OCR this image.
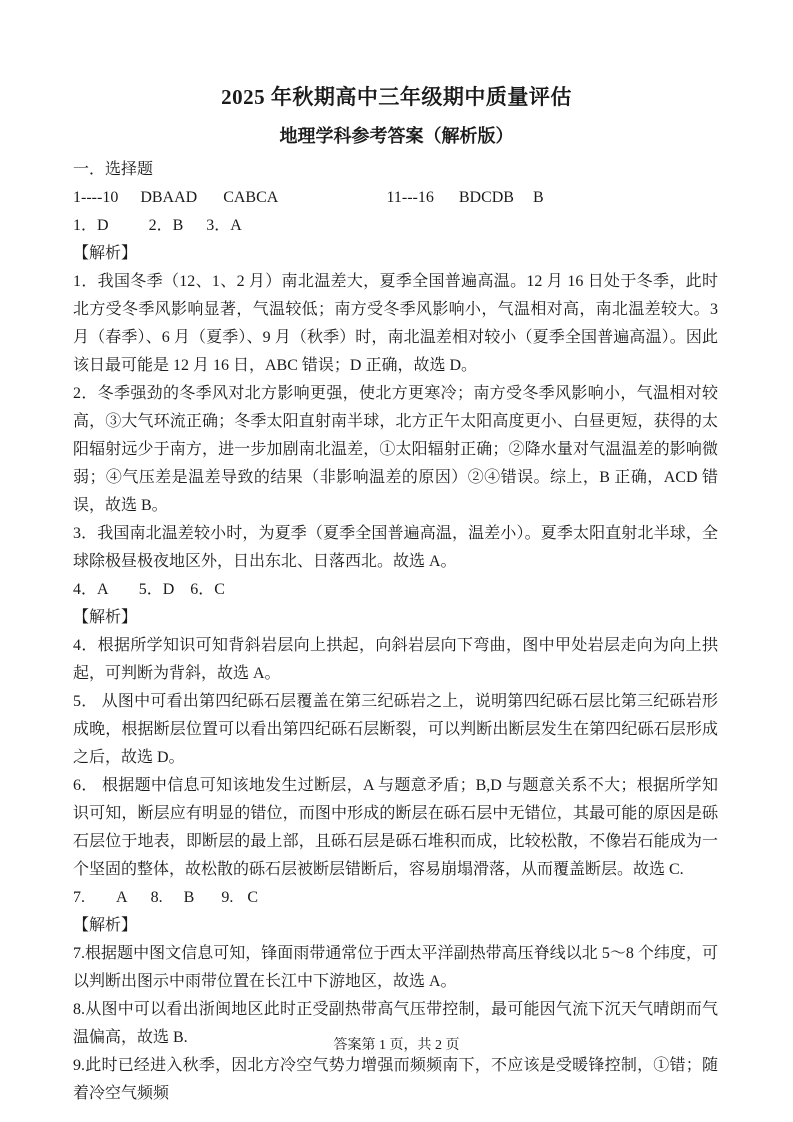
2025 年秋期高中三年级期中质量评估
地理学科参考答案（解析版）
一．选择题
1----10 DBAAD CABCA	11---16 BDCDB B
1．D	2．B 3．A
【解析】

1．我国冬季（12、1、2 月）南北温差大，夏季全国普遍高温。12 月 16 日处于冬季，此时北方受冬季风影响显著，气温较低；南方受冬季风影响小，气温相对高，南北温差较大。3 月（春季）、6 月（夏季）、9 月（秋季）时，南北温差相对较小（夏季全国普遍高温）。因此该日最可能是 12 月 16 日，ABC 错误；D 正确，故选 D。

2．冬季强劲的冬季风对北方影响更强，使北方更寒冷；南方受冬季风影响小，气温相对较高，③大气环流正确；冬季太阳直射南半球，北方正午太阳高度更小、白昼更短，获得的太阳辐射远少于南方，进一步加剧南北温差，①太阳辐射正确；②降水量对气温温差的影响微弱；④气压差是温差导致的结果（非影响温差的原因）②④错误。综上，B 正确，ACD 错误，故选 B。

3．我国南北温差较小时，为夏季（夏季全国普遍高温，温差小）。夏季太阳直射北半球，全球除极昼极夜地区外，日出东北、日落西北。故选 A。

4．A 5．D 6．C
【解析】

4．根据所学知识可知背斜岩层向上拱起，向斜岩层向下弯曲，图中甲处岩层走向为向上拱起，可判断为背斜，故选 A。

5． 从图中可看出第四纪砾石层覆盖在第三纪砾岩之上，说明第四纪砾石层比第三纪砾岩形成晚，根据断层位置可以看出第四纪砾石层断裂，可以判断出断层发生在第四纪砾石层形成之后，故选 D。

6． 根据题中信息可知该地发生过断层，A 与题意矛盾；B,D 与题意关系不大；根据所学知识可知，断层应有明显的错位，而图中形成的断层在砾石层中无错位，其最可能的原因是砾石层位于地表，即断层的最上部，且砾石层是砾石堆积而成，比较松散，不像岩石能成为一个坚固的整体，故松散的砾石层被断层错断后，容易崩塌滑落，从而覆盖断层。故选 C.

7. A 8. B 9. C
【解析】

7.根据题中图文信息可知，锋面雨带通常位于西太平洋副热带高压脊线以北 5～8 个纬度，可以判断出图示中雨带位置在长江中下游地区，故选 A。

8.从图中可以看出浙闽地区此时正受副热带高气压带控制，最可能因气流下沉天气晴朗而气温偏高，故选 B.

9.此时已经进入秋季，因北方冷空气势力增强而频频南下，不应该是受暖锋控制，①错；随着冷空气频频

答案第 1 页，共 2 页
